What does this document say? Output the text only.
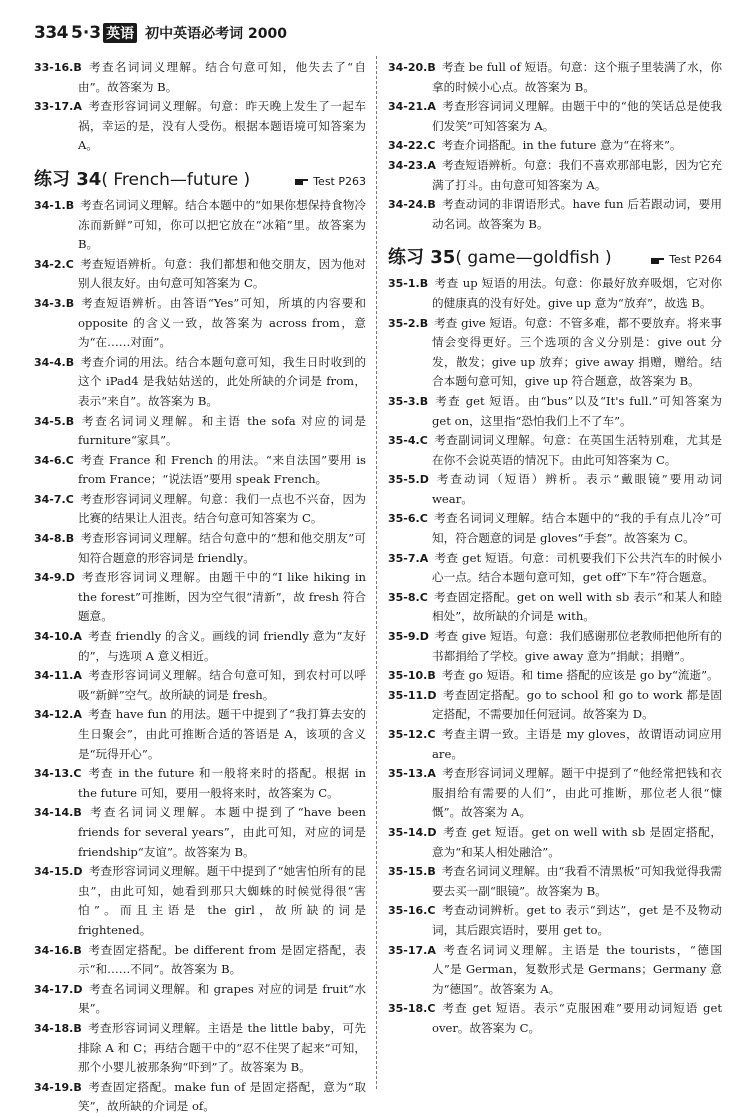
334 5·3 英语 初中英语必考词 2000
33-16.B 考查名词词义理解。结合句意可知，他失去了“自由”。故答案为 B。
33-17.A 考查形容词词义理解。句意：昨天晚上发生了一起车祸，幸运的是，没有人受伤。根据本题语境可知答案为 A。
练习 34( French—future )	Test P263
34-1.B 考查名词词义理解。结合本题中的“如果你想保持食物冷冻而新鲜”可知，你可以把它放在“冰箱”里。故答案为 B。
34-2.C 考查短语辨析。句意：我们都想和他交朋友，因为他对别人很友好。由句意可知答案为 C。
34-3.B 考查短语辨析。由答语“Yes”可知，所填的内容要和 opposite 的含义一致，故答案为 across from，意为“在……对面”。
34-4.B 考查介词的用法。结合本题句意可知，我生日时收到的这个 iPad4 是我姑姑送的，此处所缺的介词是 from，表示“来自”。故答案为 B。
34-5.B 考查名词词义理解。和主语 the sofa 对应的词是 furniture“家具”。
34-6.C 考查 France 和 French 的用法。“来自法国”要用 is from France；“说法语”要用 speak French。
34-7.C 考查形容词词义理解。句意：我们一点也不兴奋，因为比赛的结果让人沮丧。结合句意可知答案为 C。
34-8.B 考查形容词词义理解。结合句意中的“想和他交朋友”可知符合题意的形容词是 friendly。
34-9.D 考查形容词词义理解。由题干中的“I like hiking in the forest”可推断，因为空气很“清新”，故 fresh 符合题意。
34-10.A 考查 friendly 的含义。画线的词 friendly 意为“友好的”，与选项 A 意义相近。
34-11.A 考查形容词词义理解。结合句意可知，到农村可以呼吸“新鲜”空气。故所缺的词是 fresh。
34-12.A 考查 have fun 的用法。题干中提到了“我打算去安的生日聚会”，由此可推断合适的答语是 A，该项的含义是“玩得开心”。
34-13.C 考查 in the future 和一般将来时的搭配。根据 in the future 可知，要用一般将来时，故答案为 C。
34-14.B 考查名词词义理解。本题中提到了“have been friends for several years”，由此可知，对应的词是 friendship“友谊”。故答案为 B。
34-15.D 考查形容词词义理解。题干中提到了“她害怕所有的昆虫”，由此可知，她看到那只大蜘蛛的时候觉得很“害怕”。而且主语是 the girl，故所缺的词是 frightened。
34-16.B 考查固定搭配。be different from 是固定搭配，表示“和……不同”。故答案为 B。
34-17.D 考查名词词义理解。和 grapes 对应的词是 fruit“水果”。
34-18.B 考查形容词词义理解。主语是 the little baby，可先排除 A 和 C；再结合题干中的“忍不住哭了起来”可知，那个小婴儿被那条狗“吓到”了。故答案为 B。
34-19.B 考查固定搭配。make fun of 是固定搭配，意为“取笑”，故所缺的介词是 of。
34-20.B 考查 be full of 短语。句意：这个瓶子里装满了水，你拿的时候小心点。故答案为 B。
34-21.A 考查形容词词义理解。由题干中的“他的笑话总是使我们发笑”可知答案为 A。
34-22.C 考查介词搭配。in the future 意为“在将来”。
34-23.A 考查短语辨析。句意：我们不喜欢那部电影，因为它充满了打斗。由句意可知答案为 A。
34-24.B 考查动词的非谓语形式。have fun 后若跟动词，要用动名词。故答案为 B。
练习 35( game—goldfish )	Test P264
35-1.B 考查 up 短语的用法。句意：你最好放弃吸烟，它对你的健康真的没有好处。give up 意为“放弃”，故选 B。
35-2.B 考查 give 短语。句意：不管多难，都不要放弃。将来事情会变得更好。三个选项的含义分别是：give out 分发，散发；give up 放弃；give away 捐赠，赠给。结合本题句意可知，give up 符合题意，故答案为 B。
35-3.B 考查 get 短语。由“bus”以及“It's full.”可知答案为 get on，这里指“恐怕我们上不了车”。
35-4.C 考查副词词义理解。句意：在英国生活特别难，尤其是在你不会说英语的情况下。由此可知答案为 C。
35-5.D 考查动词（短语）辨析。表示“戴眼镜”要用动词 wear。
35-6.C 考查名词词义理解。结合本题中的“我的手有点儿冷”可知，符合题意的词是 gloves“手套”。故答案为 C。
35-7.A 考查 get 短语。句意：司机要我们下公共汽车的时候小心一点。结合本题句意可知，get off“下车”符合题意。
35-8.C 考查固定搭配。get on well with sb 表示“和某人和睦相处”，故所缺的介词是 with。
35-9.D 考查 give 短语。句意：我们感谢那位老教师把他所有的书都捐给了学校。give away 意为“捐献；捐赠”。
35-10.B 考查 go 短语。和 time 搭配的应该是 go by“流逝”。
35-11.D 考查固定搭配。go to school 和 go to work 都是固定搭配，不需要加任何冠词。故答案为 D。
35-12.C 考查主谓一致。主语是 my gloves，故谓语动词应用 are。
35-13.A 考查形容词词义理解。题干中提到了“他经常把钱和衣服捐给有需要的人们”，由此可推断，那位老人很“慷慨”。故答案为 A。
35-14.D 考查 get 短语。get on well with sb 是固定搭配，意为“和某人相处融洽”。
35-15.B 考查名词词义理解。由“我看不清黑板”可知我觉得我需要去买一副“眼镜”。故答案为 B。
35-16.C 考查动词辨析。get to 表示“到达”，get 是不及物动词，其后跟宾语时，要用 get to。
35-17.A 考查名词词义理解。主语是 the tourists，“德国人”是 German，复数形式是 Germans；Germany 意为“德国”。故答案为 A。
35-18.C 考查 get 短语。表示“克服困难”要用动词短语 get over。故答案为 C。
